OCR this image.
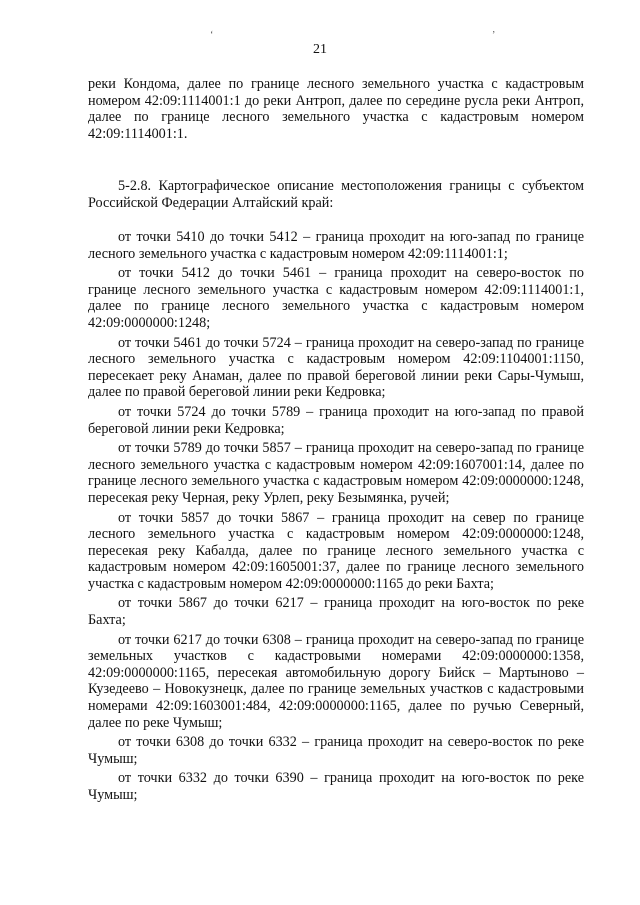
‘	’
21

реки Кондома, далее по границе лесного земельного участка с кадастровым номером 42:09:1114001:1 до реки Антроп, далее по середине русла реки Антроп, далее по границе лесного земельного участка с кадастровым номером 42:09:1114001:1.

5-2.8. Картографическое описание местоположения границы с субъектом Российской Федерации Алтайский край:

от точки 5410 до точки 5412 – граница проходит на юго-запад по границе лесного земельного участка с кадастровым номером 42:09:1114001:1;

от точки 5412 до точки 5461 – граница проходит на северо-восток по границе лесного земельного участка с кадастровым номером 42:09:1114001:1, далее по границе лесного земельного участка с кадастровым номером 42:09:0000000:1248;

от точки 5461 до точки 5724 – граница проходит на северо-запад по границе лесного земельного участка с кадастровым номером 42:09:1104001:1150, пересекает реку Анаман, далее по правой береговой линии реки Сары-Чумыш, далее по правой береговой линии реки Кедровка;

от точки 5724 до точки 5789 – граница проходит на юго-запад по правой береговой линии реки Кедровка;

от точки 5789 до точки 5857 – граница проходит на северо-запад по границе лесного земельного участка с кадастровым номером 42:09:1607001:14, далее по границе лесного земельного участка с кадастровым номером 42:09:0000000:1248, пересекая реку Черная, реку Урлеп, реку Безымянка, ручей;

от точки 5857 до точки 5867 – граница проходит на север по границе лесного земельного участка с кадастровым номером 42:09:0000000:1248, пересекая реку Кабалда, далее по границе лесного земельного участка с кадастровым номером 42:09:1605001:37, далее по границе лесного земельного участка с кадастровым номером 42:09:0000000:1165 до реки Бахта;

от точки 5867 до точки 6217 – граница проходит на юго-восток по реке Бахта;

от точки 6217 до точки 6308 – граница проходит на северо-запад по границе земельных участков с кадастровыми номерами 42:09:0000000:1358, 42:09:0000000:1165, пересекая автомобильную дорогу Бийск – Мартыново – Кузедеево – Новокузнецк, далее по границе земельных участков с кадастровыми номерами 42:09:1603001:484, 42:09:0000000:1165, далее по ручью Северный, далее по реке Чумыш;

от точки 6308 до точки 6332 – граница проходит на северо-восток по реке Чумыш;

от точки 6332 до точки 6390 – граница проходит на юго-восток по реке Чумыш;
